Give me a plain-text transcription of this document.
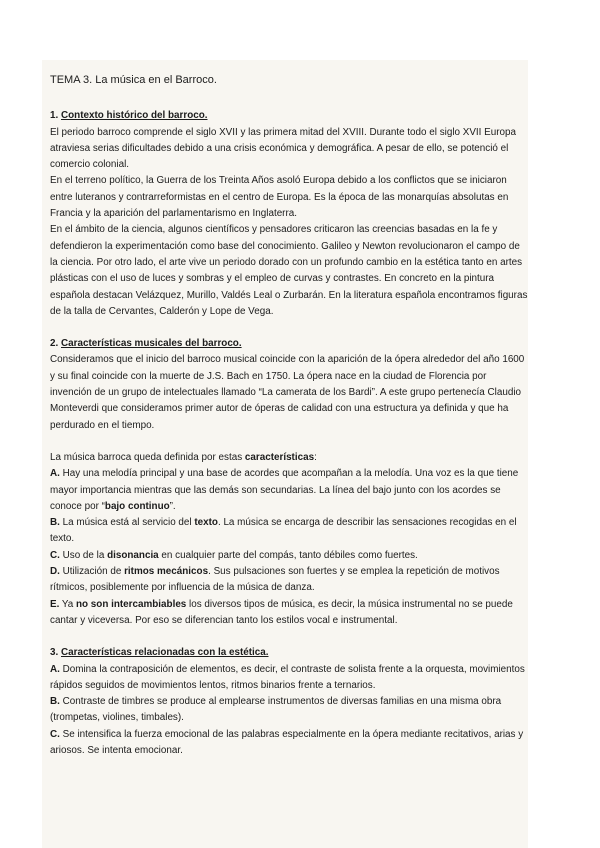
TEMA 3. La música en el Barroco.

1. Contexto histórico del barroco.

El periodo barroco comprende el siglo XVII y las primera mitad del XVIII. Durante todo el siglo XVII Europa atraviesa serias dificultades debido a una crisis económica y demográfica. A pesar de ello, se potenció el comercio colonial.

En el terreno político, la Guerra de los Treinta Años asoló Europa debido a los conflictos que se iniciaron entre luteranos y contrarreformistas en el centro de Europa. Es la época de las monarquías absolutas en Francia y la aparición del parlamentarismo en Inglaterra.

En el ámbito de la ciencia, algunos científicos y pensadores criticaron las creencias basadas en la fe y defendieron la experimentación como base del conocimiento. Galileo y Newton revolucionaron el campo de la ciencia. Por otro lado, el arte vive un periodo dorado con un profundo cambio en la estética tanto en artes plásticas con el uso de luces y sombras y el empleo de curvas y contrastes. En concreto en la pintura española destacan Velázquez, Murillo, Valdés Leal o Zurbarán. En la literatura española encontramos figuras de la talla de Cervantes, Calderón y Lope de Vega.

2. Características musicales del barroco.

Consideramos que el inicio del barroco musical coincide con la aparición de la ópera alrededor del año 1600 y su final coincide con la muerte de J.S. Bach en 1750. La ópera nace en la ciudad de Florencia por invención de un grupo de intelectuales llamado “La camerata de los Bardi”. A este grupo pertenecía Claudio Monteverdi que consideramos primer autor de óperas de calidad con una estructura ya definida y que ha perdurado en el tiempo.

La música barroca queda definida por estas características:

A. Hay una melodía principal y una base de acordes que acompañan a la melodía. Una voz es la que tiene mayor importancia mientras que las demás son secundarias. La línea del bajo junto con los acordes se conoce por “bajo continuo”.

B. La música está al servicio del texto. La música se encarga de describir las sensaciones recogidas en el texto.

C. Uso de la disonancia en cualquier parte del compás, tanto débiles como fuertes.

D. Utilización de ritmos mecánicos. Sus pulsaciones son fuertes y se emplea la repetición de motivos rítmicos, posiblemente por influencia de la música de danza.

E. Ya no son intercambiables los diversos tipos de música, es decir, la música instrumental no se puede cantar y viceversa. Por eso se diferencian tanto los estilos vocal e instrumental.

3. Características relacionadas con la estética.

A. Domina la contraposición de elementos, es decir, el contraste de solista frente a la orquesta, movimientos rápidos seguidos de movimientos lentos, ritmos binarios frente a ternarios.

B. Contraste de timbres se produce al emplearse instrumentos de diversas familias en una misma obra (trompetas, violines, timbales).

C. Se intensifica la fuerza emocional de las palabras especialmente en la ópera mediante recitativos, arias y ariosos. Se intenta emocionar.
